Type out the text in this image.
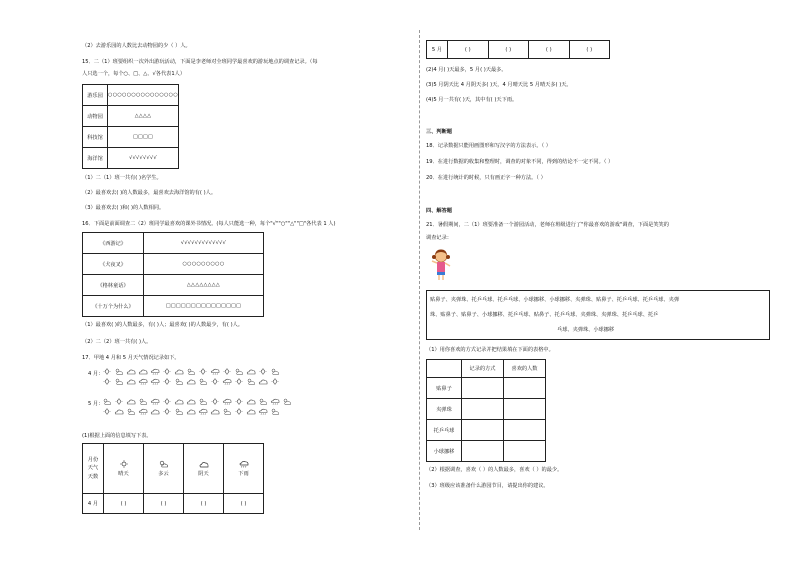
（2）去游乐园的人数比去动物园的少（ ）人。
15．二（1）班要组织一次外出游玩活动，下面是李老师对全班同学最喜欢的游玩地点的调查记录。（每
人只选一个，每个○、□、△、√各代表1人）
游乐园	○○○○○○○○○○○○○○○
动物园	△△△△
科技馆	□□□□
海洋馆	√√√√√√√√
（1）二（1）班一共有( )名学生。
（2）最喜欢去( )的人数最多，最喜欢去海洋馆的有( )人。
（3）最喜欢去( )和( )的人数相同。
16．下面是前面调查二（2）班同学最喜欢的课外书情况。(每人只能选一种，每个"√""○""△""□"各代表 1 人)
《西游记》	√√√√√√√√√√√√√
《犬夜叉》	○○○○○○○○○
《格林童话》	△△△△△△△△
《十万个为什么》	□□□□□□□□□□□□□□□
（1）最喜欢( )的人数最多，有( )人；最喜欢( )的人数最少，有( )人。
（2）二（2）班一共有( )人。
17．甲地 4 月和 5 月天气情况记录如下。
4 月：
5 月：
(1)根据上面的信息填写下表。
月份
天气
天数	晴天	多云	阴天	下雨

4 月	( )	( )	( )	( )
5 月	( )	( )	( )	( )
(2)4 月( )天最多，5 月( )天最多。
(3)5 月阴天比 4 月阴天多( )天，4 月晴天比 5 月晴天多( )天。
(4)5 月一共有( )天，其中有( )天下雨。
三、判断题
18．记录数据只能用画图形和写汉字的方法表示。（ ）
19．在进行数据的收集和整理时，调查的对象不同，得到的结论不一定不同。（ ）
20．在进行统计的时候，只有画正字一种方法。（ ）
四、解答题
21．暑假期间，二（1）班要准备一个游园活动，老师在班级进行了"你最喜欢的游戏"调查，下面是笑笑的
调查记录：
贴鼻子、夹弹珠、托乒乓球、托乒乓球、小球挪移、小球挪移、夹弹珠、贴鼻子、托乒乓球、托乒乓球、夹弹
珠、贴鼻子、贴鼻子、小球挪移、托乒乓球、贴鼻子、托乒乓球、夹弹珠、夹弹珠、托乒乓球、托乒
乓球、夹弹珠、小球挪移
（1）用你喜欢的方式记录并把结果填在下面的表格中。
	记录的方式	喜欢的人数
贴鼻子		
夹弹珠		
托乒乓球		
小球挪移		
（2）根据调查，喜欢（ ）的人数最多，喜欢（ ）的最少。
（3）班级应该准备什么游园节目，请提出你的建议。
